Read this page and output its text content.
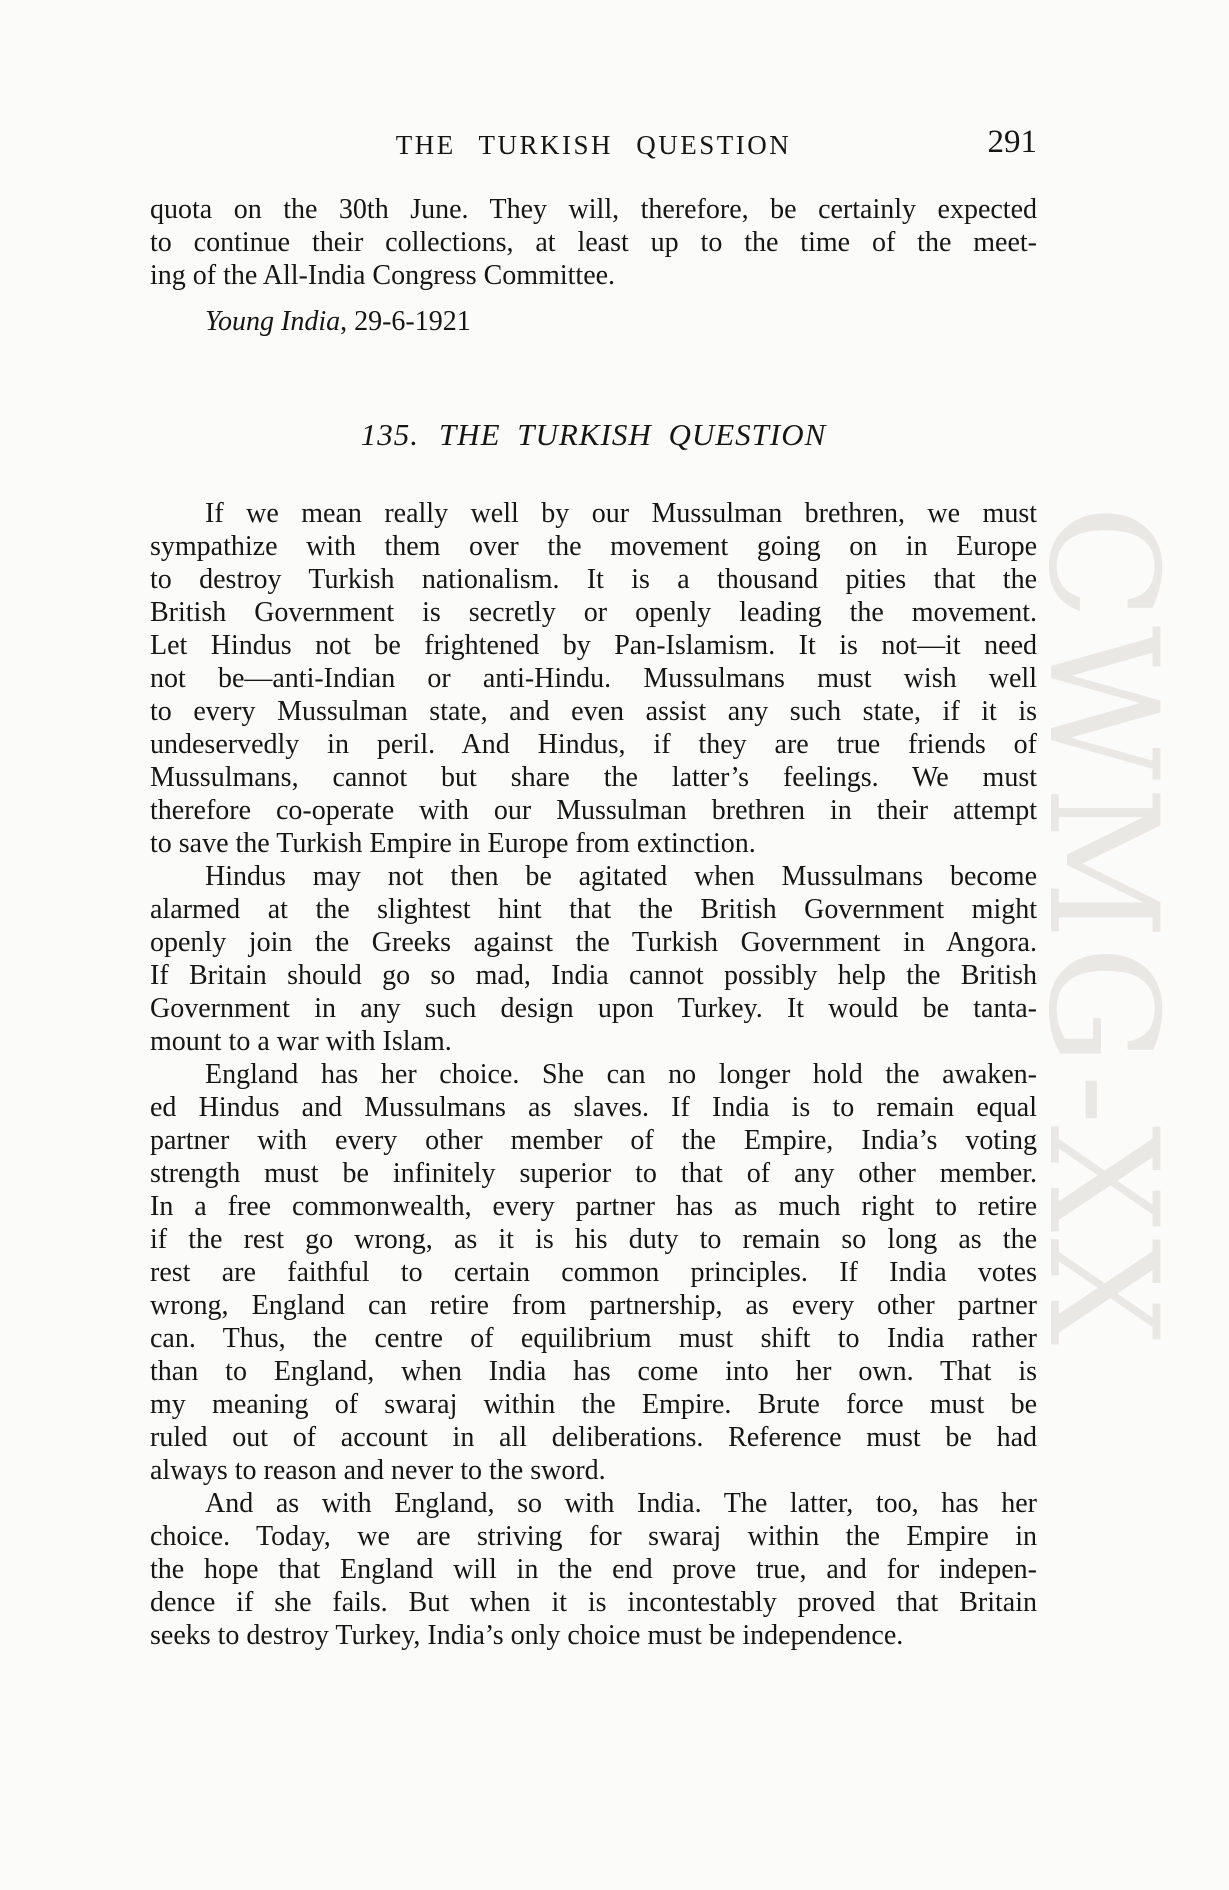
CWMG-XX
THE TURKISH QUESTION	291
quota on the 30th June. They will, therefore, be certainly expected
to continue their collections, at least up to the time of the meet-
ing of the All-India Congress Committee.
Young India, 29-6-1921
135. THE TURKISH QUESTION
If we mean really well by our Mussulman brethren, we must
sympathize with them over the movement going on in Europe
to destroy Turkish nationalism. It is a thousand pities that the
British Government is secretly or openly leading the movement.
Let Hindus not be frightened by Pan-Islamism. It is not—it need
not be—anti-Indian or anti-Hindu. Mussulmans must wish well
to every Mussulman state, and even assist any such state, if it is
undeservedly in peril. And Hindus, if they are true friends of
Mussulmans, cannot but share the latter’s feelings. We must
therefore co-operate with our Mussulman brethren in their attempt
to save the Turkish Empire in Europe from extinction.
Hindus may not then be agitated when Mussulmans become
alarmed at the slightest hint that the British Government might
openly join the Greeks against the Turkish Government in Angora.
If Britain should go so mad, India cannot possibly help the British
Government in any such design upon Turkey. It would be tanta-
mount to a war with Islam.
England has her choice. She can no longer hold the awaken-
ed Hindus and Mussulmans as slaves. If India is to remain equal
partner with every other member of the Empire, India’s voting
strength must be infinitely superior to that of any other member.
In a free commonwealth, every partner has as much right to retire
if the rest go wrong, as it is his duty to remain so long as the
rest are faithful to certain common principles. If India votes
wrong, England can retire from partnership, as every other partner
can. Thus, the centre of equilibrium must shift to India rather
than to England, when India has come into her own. That is
my meaning of swaraj within the Empire. Brute force must be
ruled out of account in all deliberations. Reference must be had
always to reason and never to the sword.
And as with England, so with India. The latter, too, has her
choice. Today, we are striving for swaraj within the Empire in
the hope that England will in the end prove true, and for indepen-
dence if she fails. But when it is incontestably proved that Britain
seeks to destroy Turkey, India’s only choice must be independence.
